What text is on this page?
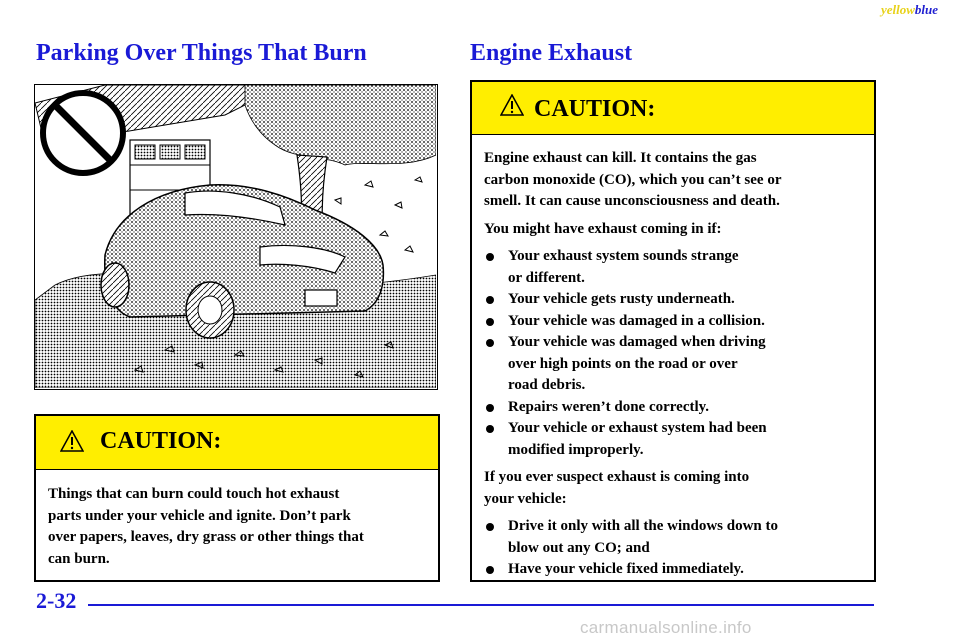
yellowblue
Parking Over Things That Burn	Engine Exhaust

CAUTION:

Things that can burn could touch hot exhaust
parts under your vehicle and ignite. Don’t park
over papers, leaves, dry grass or other things that
can burn.

CAUTION:

Engine exhaust can kill. It contains the gas
carbon monoxide (CO), which you can’t see or
smell. It can cause unconsciousness and death.
You might have exhaust coming in if:
Your exhaust system sounds strange
or different.
Your vehicle gets rusty underneath.
Your vehicle was damaged in a collision.
Your vehicle was damaged when driving
over high points on the road or over
road debris.
Repairs weren’t done correctly.
Your vehicle or exhaust system had been
modified improperly.
If you ever suspect exhaust is coming into
your vehicle:
Drive it only with all the windows down to
blow out any CO; and
Have your vehicle fixed immediately.
2-32
carmanualsonline.info
